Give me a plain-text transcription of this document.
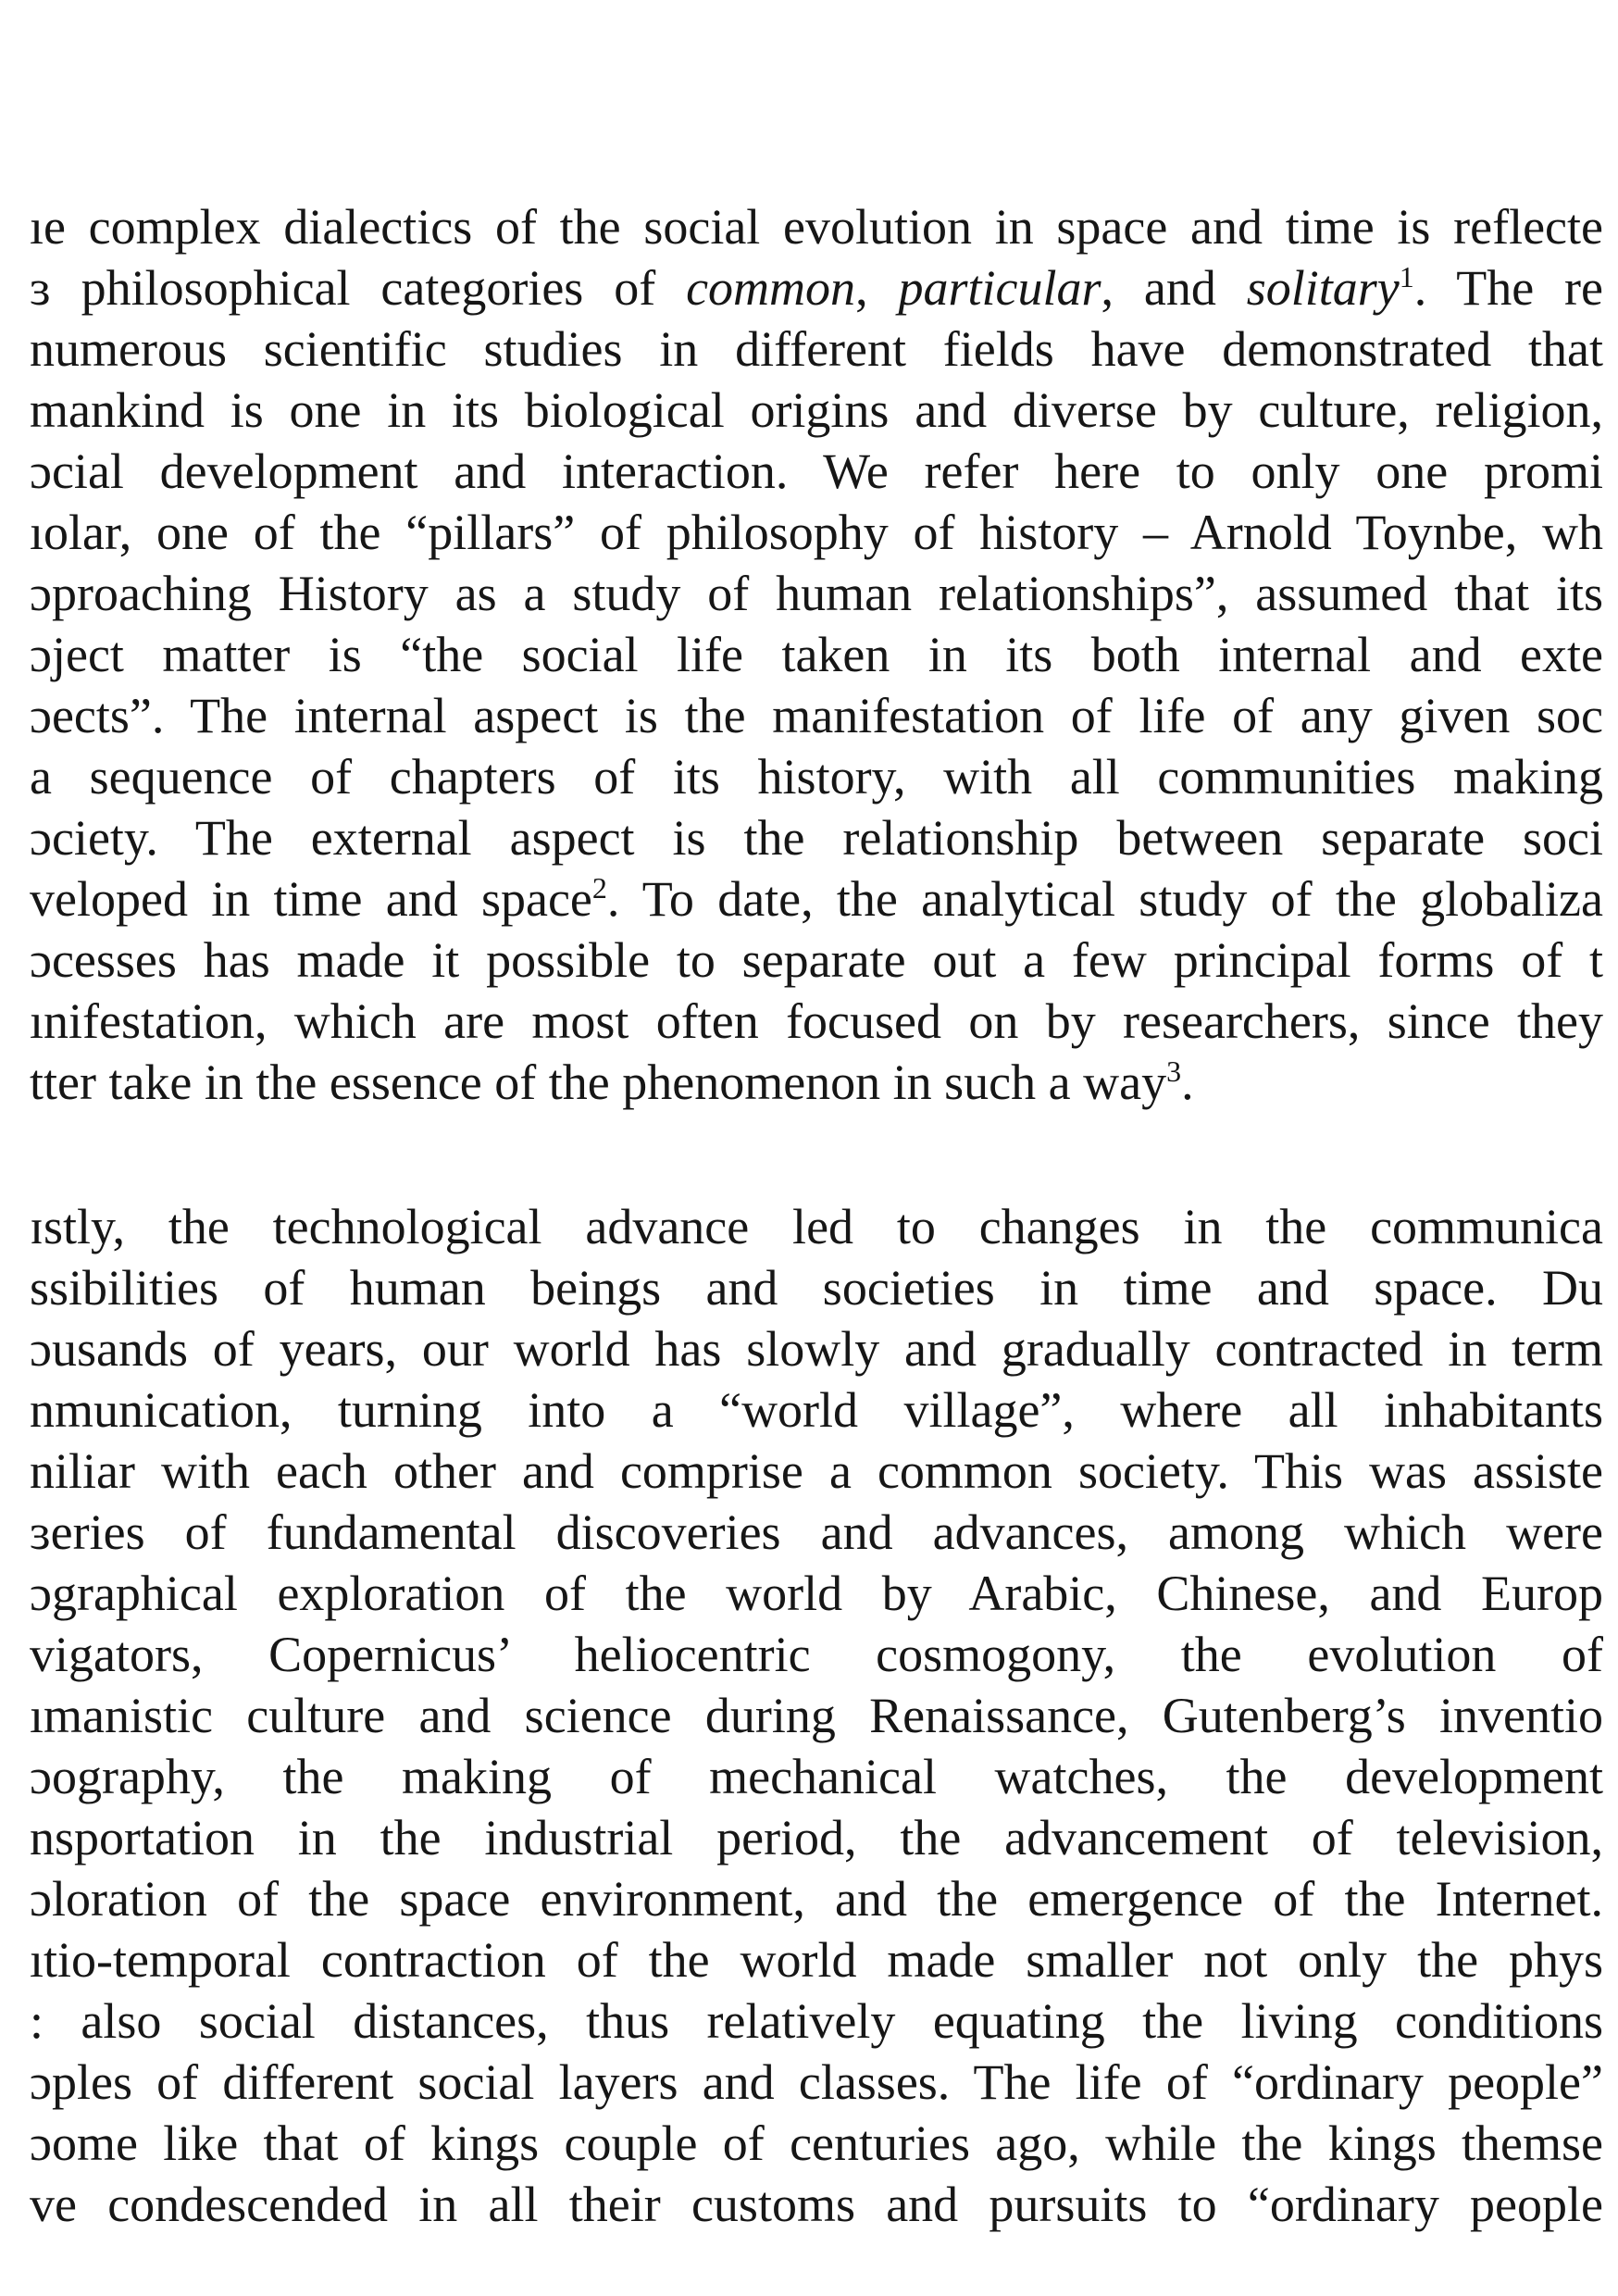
ıe complex dialectics of the social evolution in space and time is reflecte
ɜ philosophical categories of common, particular, and solitary$^1$. The re
numerous scientific studies in different fields have demonstrated that
mankind is one in its biological origins and diverse by culture, religion,
ɔcial development and interaction. We refer here to only one promi
ıolar, one of the “pillars” of philosophy of history – Arnold Toynbe, wh
ɔproaching History as a study of human relationships”, assumed that its
ɔject matter is “the social life taken in its both internal and exte
ɔects”. The internal aspect is the manifestation of life of any given soc
a sequence of chapters of its history, with all communities making
ɔciety. The external aspect is the relationship between separate soci
veloped in time and space$^2$. To date, the analytical study of the globaliza
ɔcesses has made it possible to separate out a few principal forms of t
ınifestation, which are most often focused on by researchers, since they
tter take in the essence of the phenomenon in such a way$^3$.
ɪstly, the technological advance led to changes in the communica
ssibilities of human beings and societies in time and space. Du
ɔusands of years, our world has slowly and gradually contracted in term
nmunication, turning into a “world village”, where all inhabitants
niliar with each other and comprise a common society. This was assiste
ɜeries of fundamental discoveries and advances, among which were
ɔgraphical exploration of the world by Arabic, Chinese, and Europ
vigators, Copernicus’ heliocentric cosmogony, the evolution of
ımanistic culture and science during Renaissance, Gutenberg’s inventio
ɔography, the making of mechanical watches, the development
nsportation in the industrial period, the advancement of television,
ɔloration of the space environment, and the emergence of the Internet.
ıtio-temporal contraction of the world made smaller not only the phys
: also social distances, thus relatively equating the living conditions
ɔples of different social layers and classes. The life of “ordinary people”
ɔome like that of kings couple of centuries ago, while the kings themse
ve condescended in all their customs and pursuits to “ordinary people
